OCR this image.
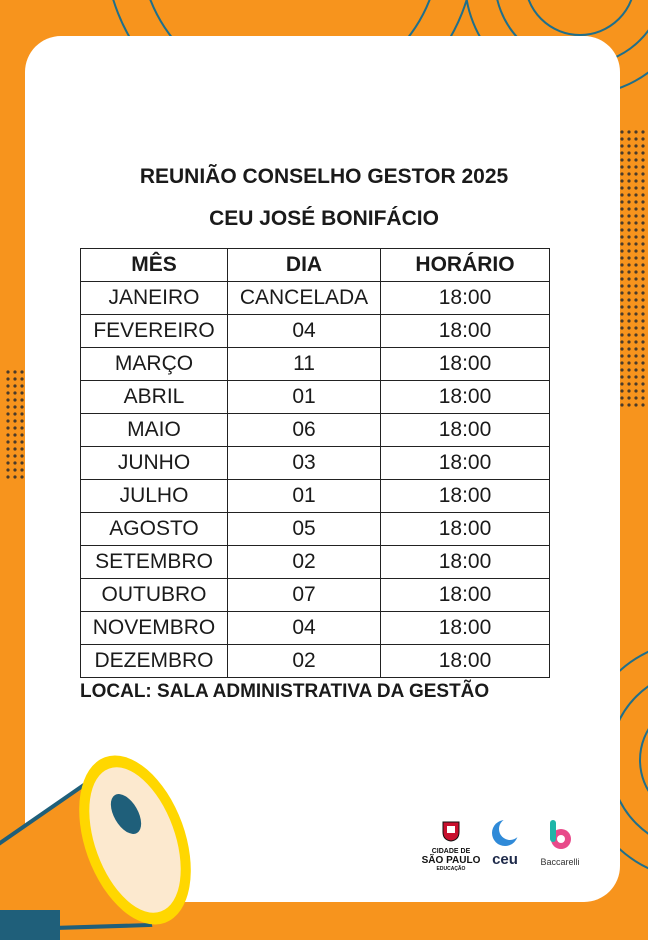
REUNIÃO CONSELHO GESTOR 2025
CEU JOSÉ BONIFÁCIO
MÊS	DIA	HORÁRIO
JANEIRO	CANCELADA	18:00
FEVEREIRO	04	18:00
MARÇO	11	18:00
ABRIL	01	18:00
MAIO	06	18:00
JUNHO	03	18:00
JULHO	01	18:00
AGOSTO	05	18:00
SETEMBRO	02	18:00
OUTUBRO	07	18:00
NOVEMBRO	04	18:00
DEZEMBRO	02	18:00
LOCAL: SALA ADMINISTRATIVA DA GESTÃO
CIDADE DE
SÃO PAULO
EDUCAÇÃO
ceu	Baccarelli
